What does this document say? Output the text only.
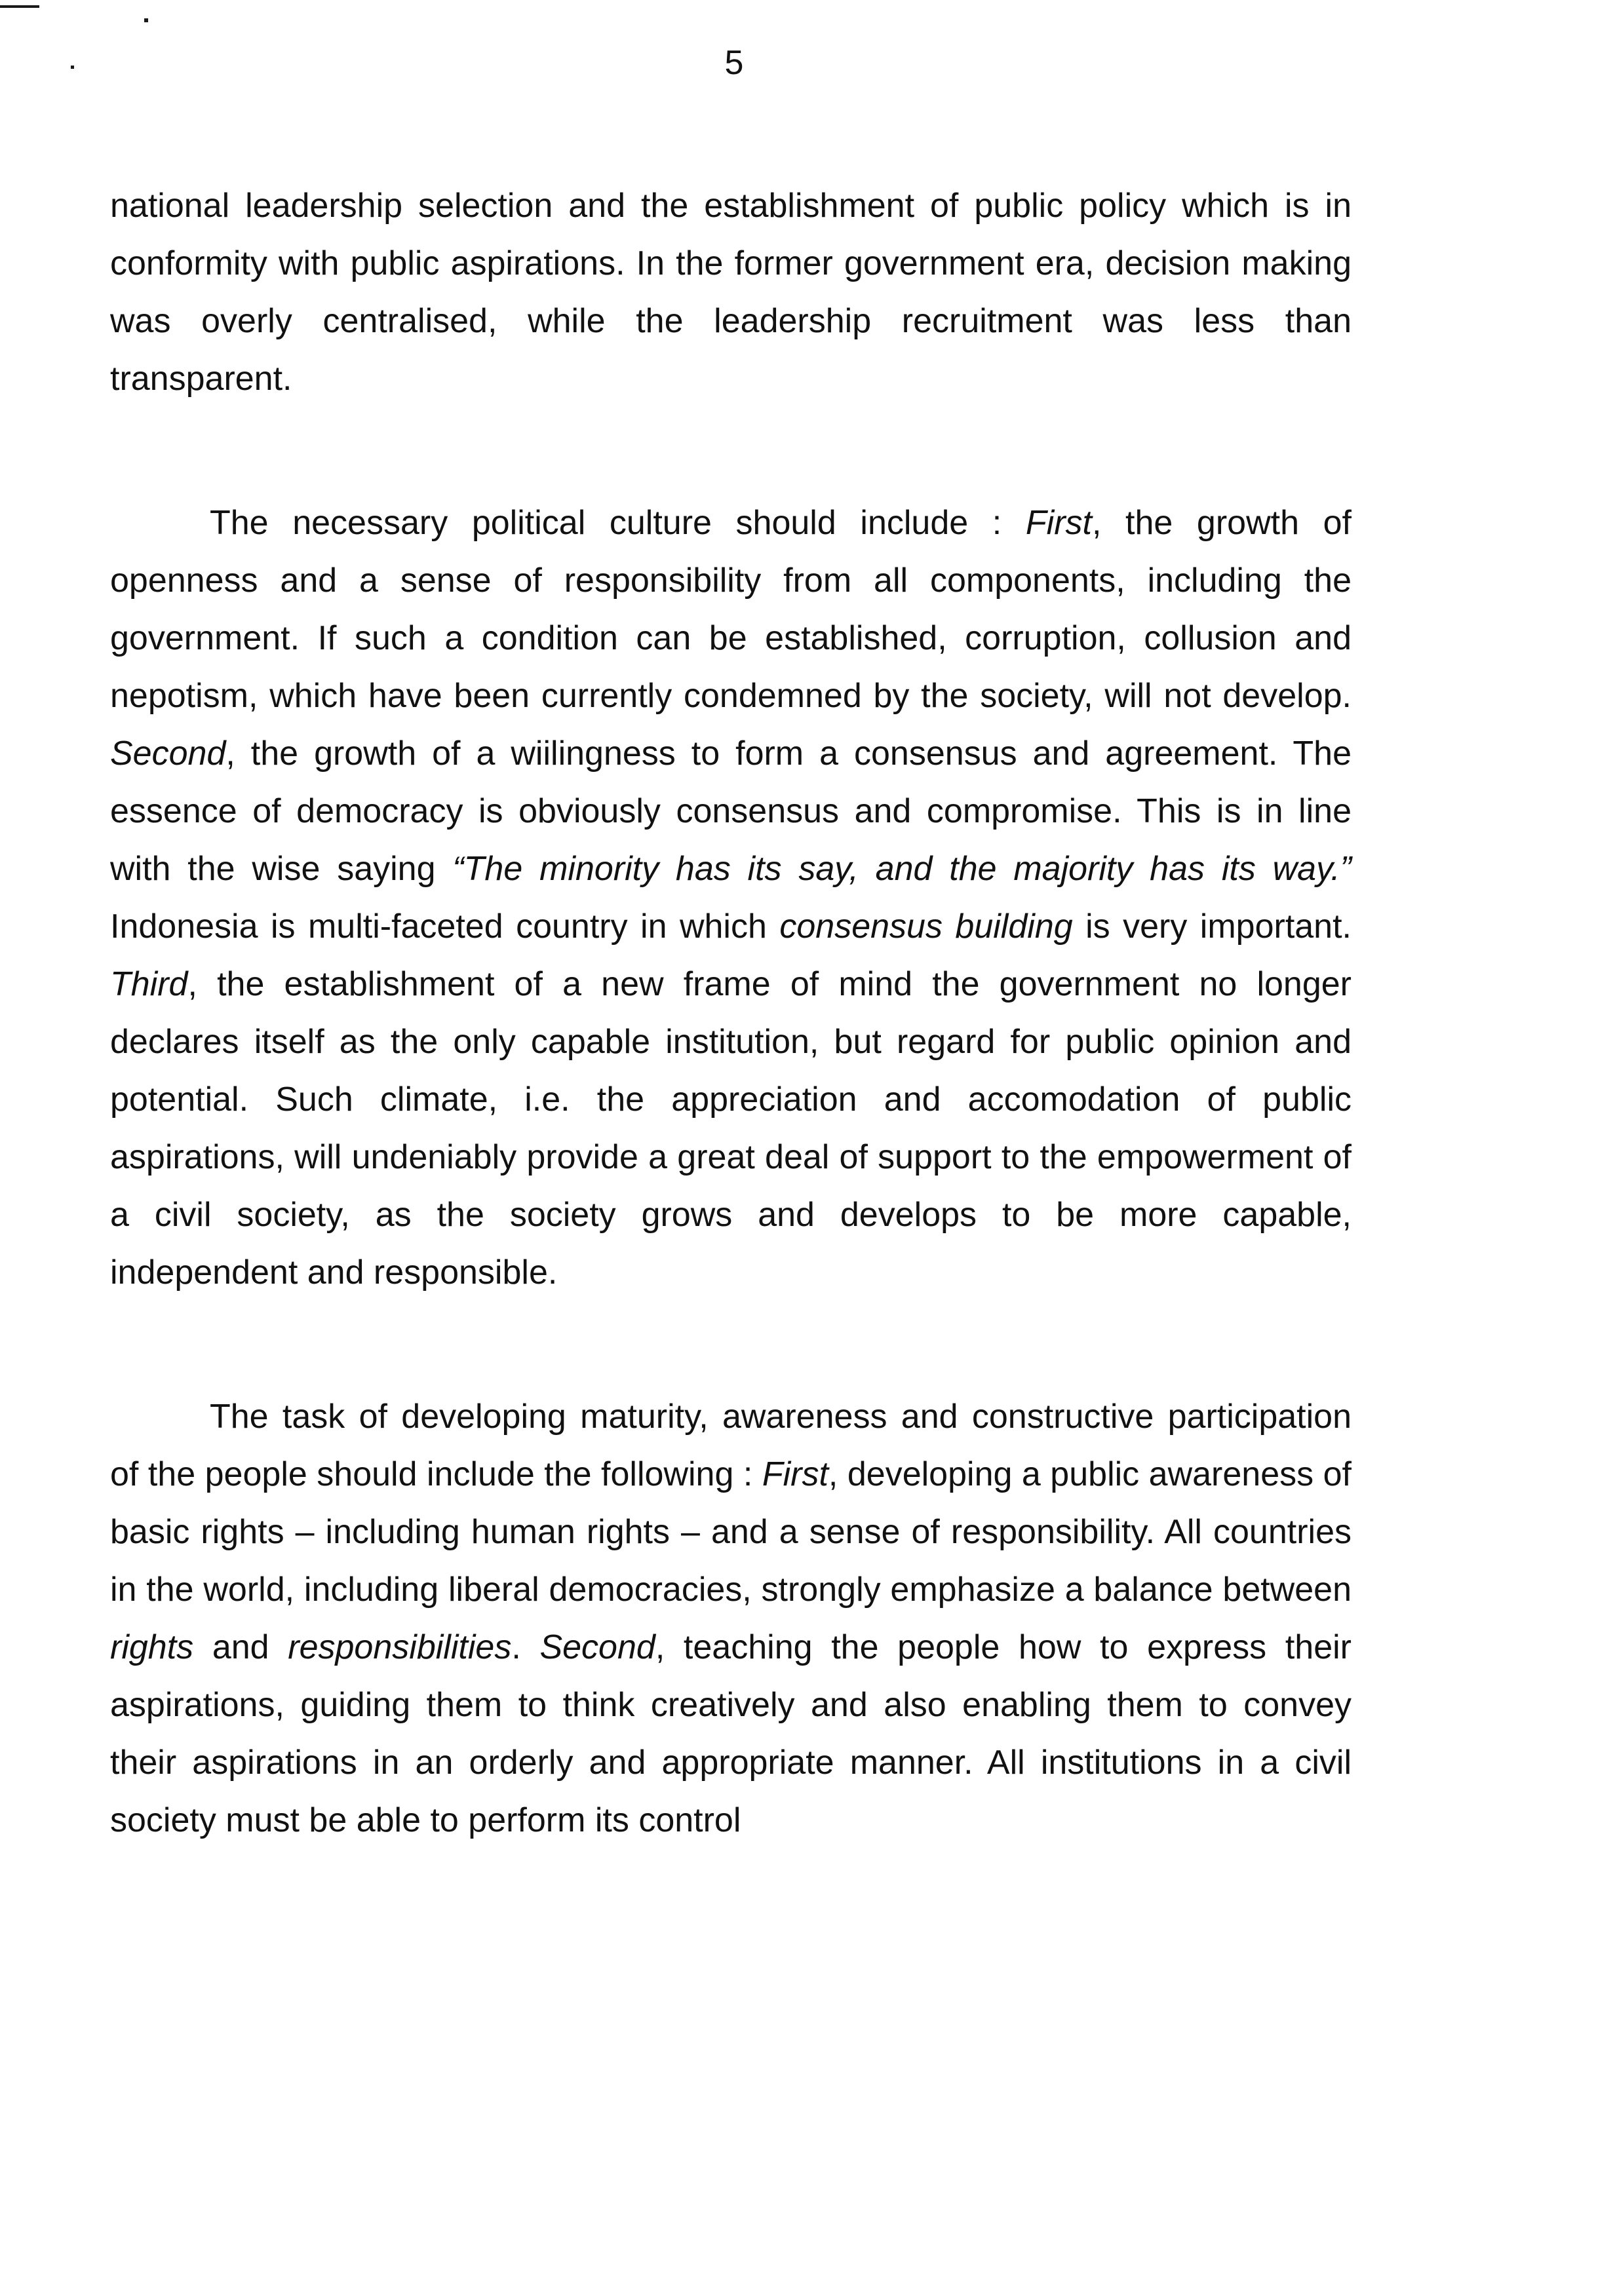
5

national leadership selection and the establishment of public policy which is in conformity with public aspirations. In the former government era, decision making was overly centralised, while the leadership recruitment was less than transparent.

The necessary political culture should include : First, the growth of openness and a sense of responsibility from all components, including the government. If such a condition can be established, corruption, collusion and nepotism, which have been currently condemned by the society, will not develop. Second, the growth of a wiilingness to form a consensus and agreement. The essence of democracy is obviously consensus and compromise. This is in line with the wise saying “The minority has its say, and the majority has its way.” Indonesia is multi-faceted country in which consensus building is very important. Third, the establishment of a new frame of mind the government no longer declares itself as the only capable institution, but regard for public opinion and potential. Such climate, i.e. the appreciation and accomodation of public aspirations, will undeniably provide a great deal of support to the empowerment of a civil society, as the society grows and develops to be more capable, independent and responsible.

The task of developing maturity, awareness and constructive participation of the people should include the following : First, developing a public awareness of basic rights – including human rights – and a sense of responsibility. All countries in the world, including liberal democracies, strongly emphasize a balance between rights and responsibilities. Second, teaching the people how to express their aspirations, guiding them to think creatively and also enabling them to convey their aspirations in an orderly and appropriate manner. All institutions in a civil society must be able to perform its control
